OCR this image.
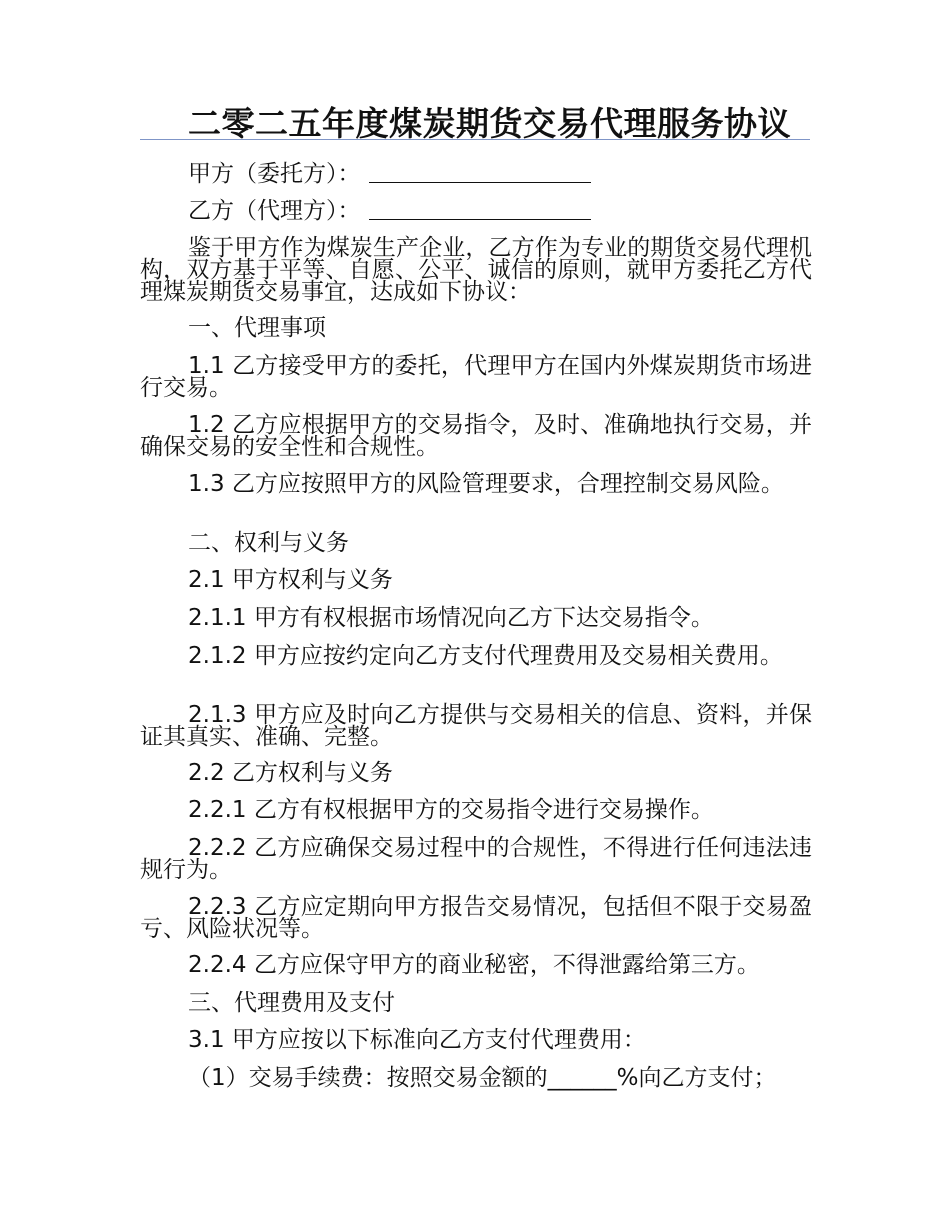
二零二五年度煤炭期货交易代理服务协议
甲方（委托方）：
乙方（代理方）：
鉴于甲方作为煤炭生产企业，乙方作为专业的期货交易代理机构，双方基于平等、自愿、公平、诚信的原则，就甲方委托乙方代理煤炭期货交易事宜，达成如下协议：
一、代理事项
1.1 乙方接受甲方的委托，代理甲方在国内外煤炭期货市场进行交易。
1.2 乙方应根据甲方的交易指令，及时、准确地执行交易，并确保交易的安全性和合规性。
1.3 乙方应按照甲方的风险管理要求，合理控制交易风险。
二、权利与义务
2.1 甲方权利与义务
2.1.1 甲方有权根据市场情况向乙方下达交易指令。
2.1.2 甲方应按约定向乙方支付代理费用及交易相关费用。
2.1.3 甲方应及时向乙方提供与交易相关的信息、资料，并保证其真实、准确、完整。
2.2 乙方权利与义务
2.2.1 乙方有权根据甲方的交易指令进行交易操作。
2.2.2 乙方应确保交易过程中的合规性，不得进行任何违法违规行为。
2.2.3 乙方应定期向甲方报告交易情况，包括但不限于交易盈亏、风险状况等。
2.2.4 乙方应保守甲方的商业秘密，不得泄露给第三方。
三、代理费用及支付
3.1 甲方应按以下标准向乙方支付代理费用：
（1）交易手续费：按照交易金额的______%向乙方支付；
